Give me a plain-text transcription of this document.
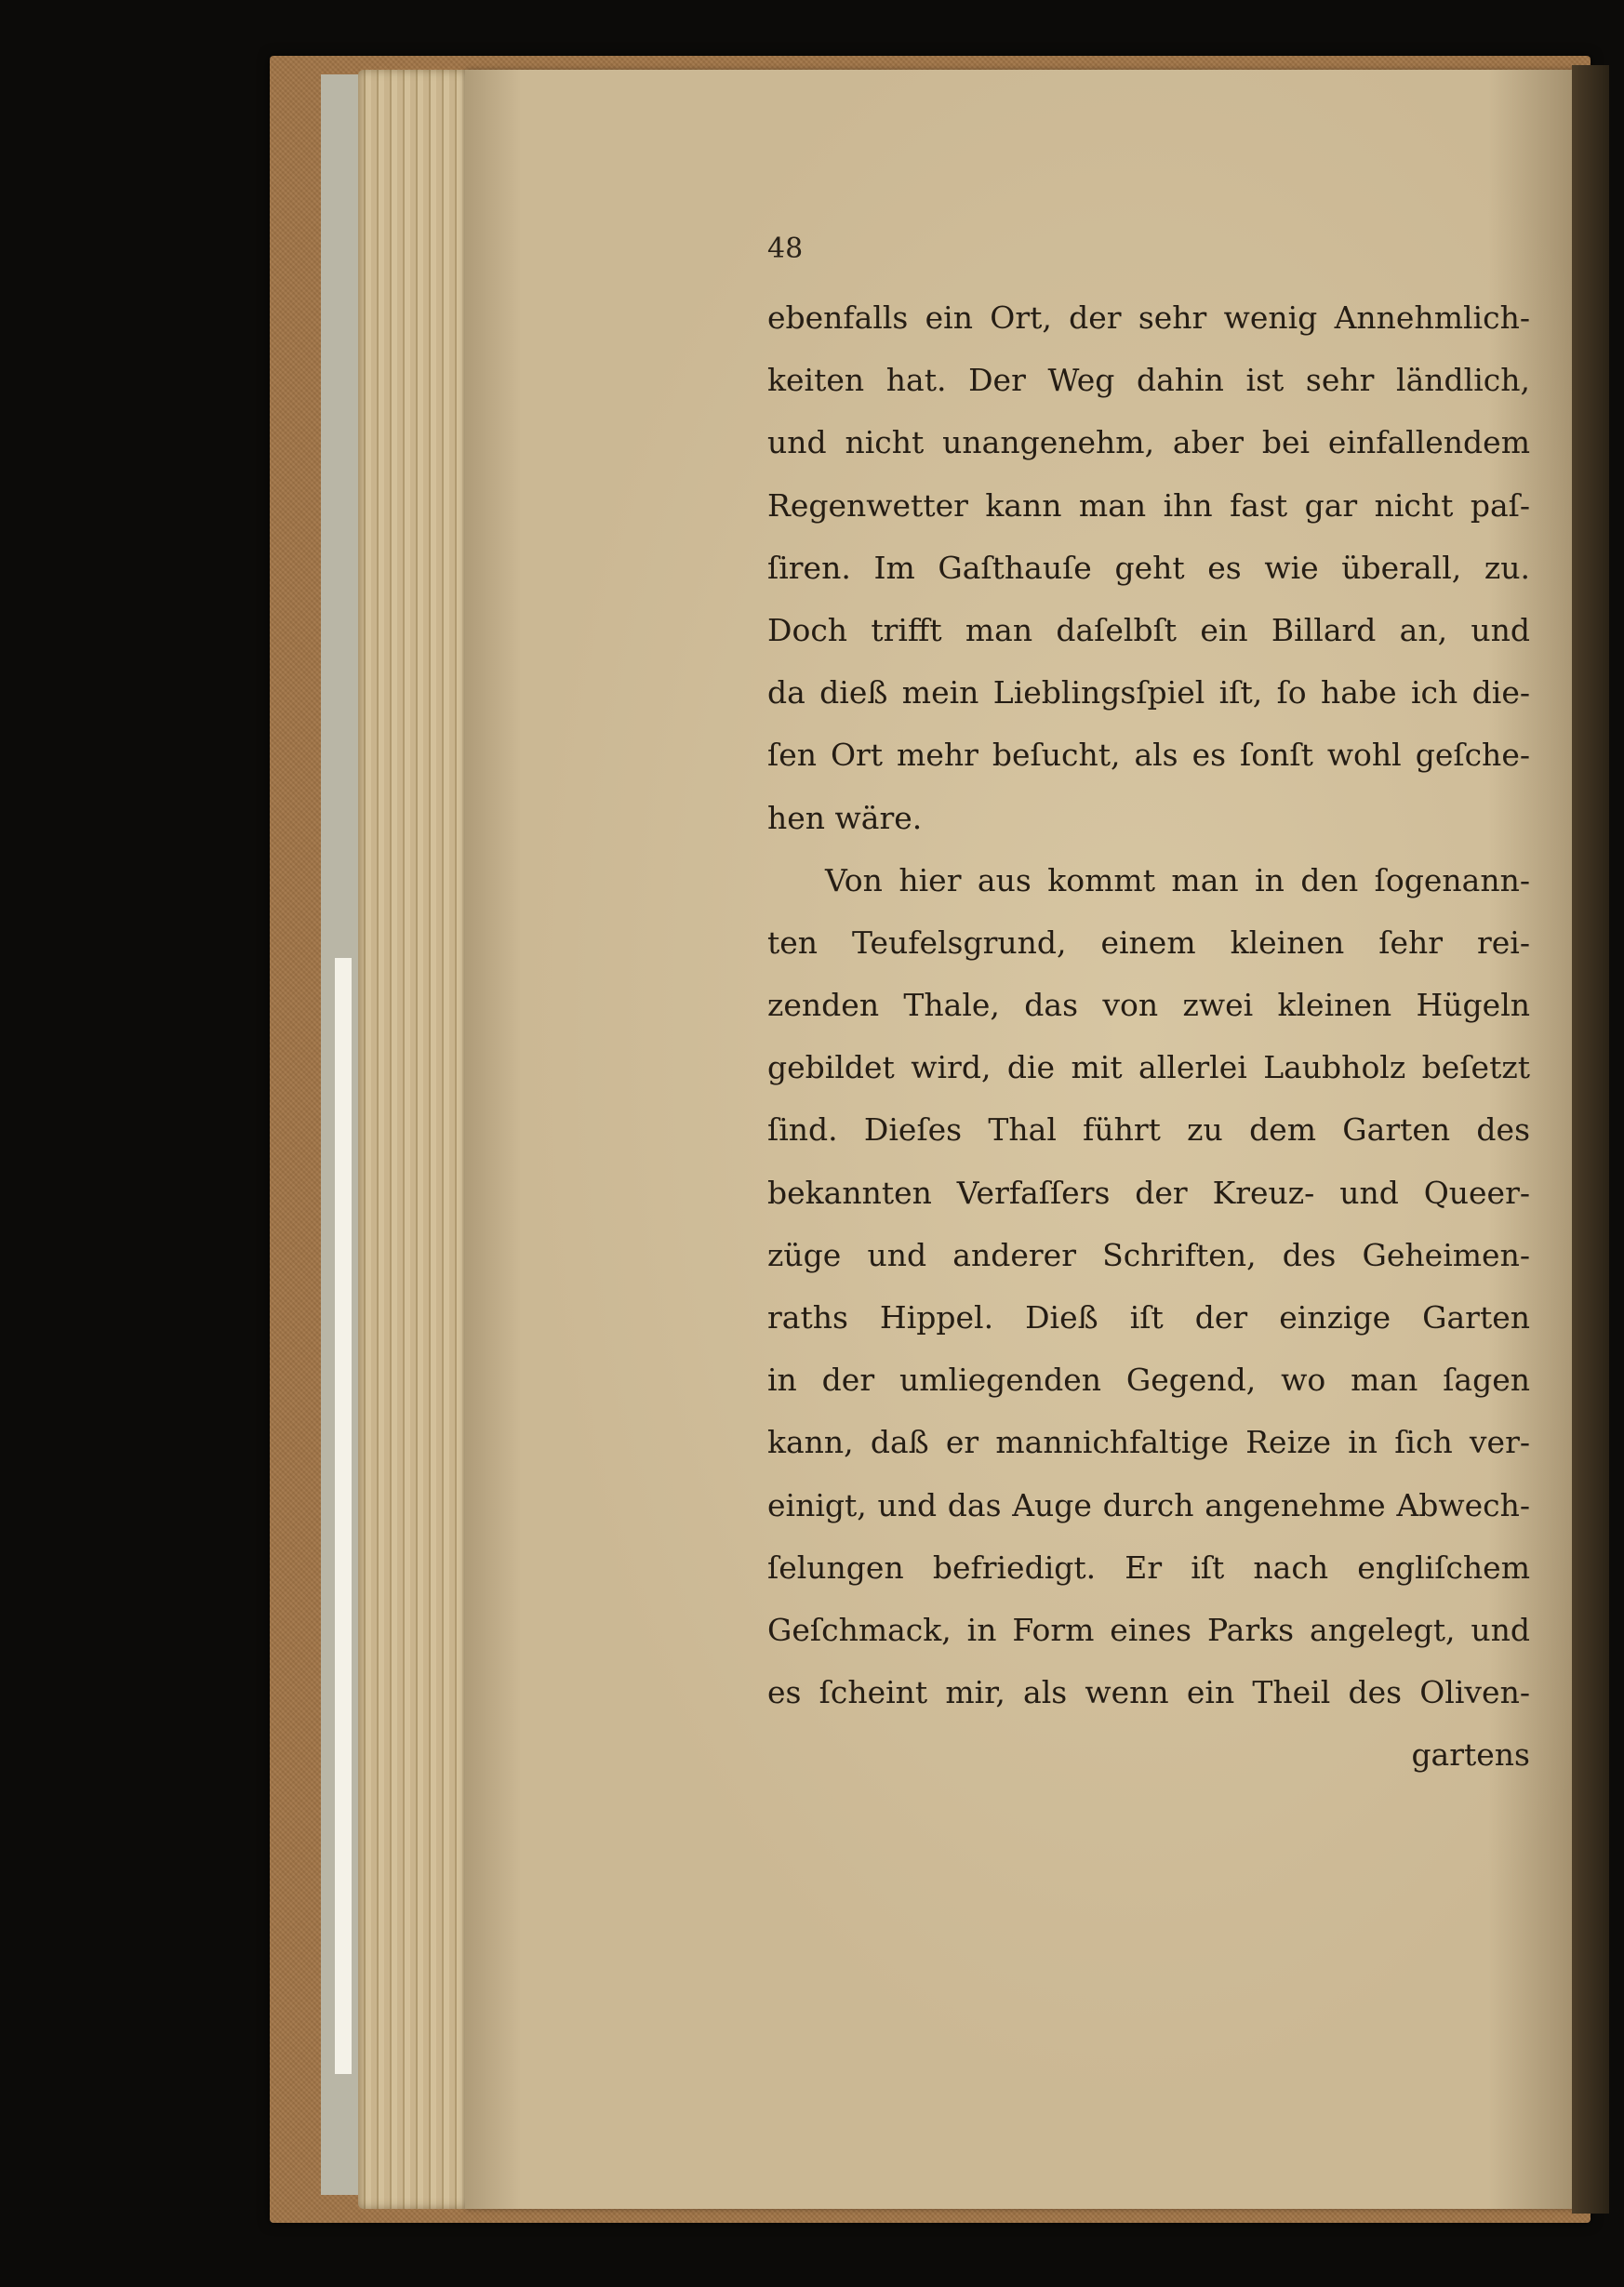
48
ebenfalls ein Ort, der sehr wenig Annehmlich-
keiten hat. Der Weg dahin ist sehr ländlich,
und nicht unangenehm, aber bei einfallendem
Regenwetter kann man ihn fast gar nicht paſ-
ſiren. Im Gaſthauſe geht es wie überall, zu.
Doch trifft man daſelbſt ein Billard an, und
da dieß mein Lieblingsſpiel iſt, ſo habe ich die-
ſen Ort mehr beſucht, als es ſonſt wohl geſche-
hen wäre.
Von hier aus kommt man in den ſogenann-
ten Teufelsgrund, einem kleinen ſehr rei-
zenden Thale, das von zwei kleinen Hügeln
gebildet wird, die mit allerlei Laubholz beſetzt
ſind. Dieſes Thal führt zu dem Garten des
bekannten Verfaſſers der Kreuz- und Queer-
züge und anderer Schriften, des Geheimen-
raths Hippel. Dieß iſt der einzige Garten
in der umliegenden Gegend, wo man ſagen
kann, daß er mannichfaltige Reize in ſich ver-
einigt, und das Auge durch angenehme Abwech-
ſelungen befriedigt. Er iſt nach engliſchem
Geſchmack, in Form eines Parks angelegt, und
es ſcheint mir, als wenn ein Theil des Oliven-
gartens
